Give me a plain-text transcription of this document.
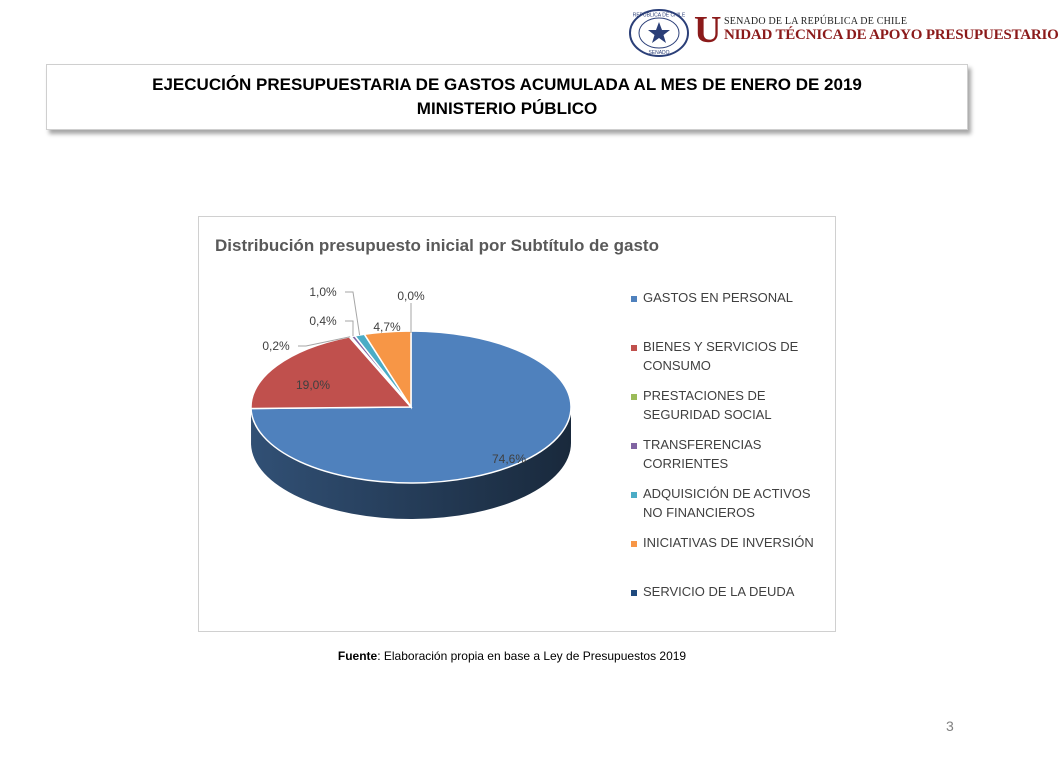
REPÚBLICA DE CHILE
SENADO
U SENADO DE LA REPÚBLICA DE CHILE
NIDAD TÉCNICA DE APOYO PRESUPUESTARIO
EJECUCIÓN PRESUPUESTARIA DE GASTOS ACUMULADA AL MES DE ENERO DE 2019
MINISTERIO PÚBLICO
Distribución presupuesto inicial por Subtítulo de gasto
74,6%
19,0%
0,2%
0,4%
1,0%
4,7%
0,0%	GASTOS EN PERSONAL
BIENES Y SERVICIOS DE CONSUMO
PRESTACIONES DE SEGURIDAD SOCIAL
TRANSFERENCIAS CORRIENTES
ADQUISICIÓN DE ACTIVOS NO FINANCIEROS
INICIATIVAS DE INVERSIÓN
SERVICIO DE LA DEUDA
Fuente: Elaboración propia en base a Ley de Presupuestos 2019
3
